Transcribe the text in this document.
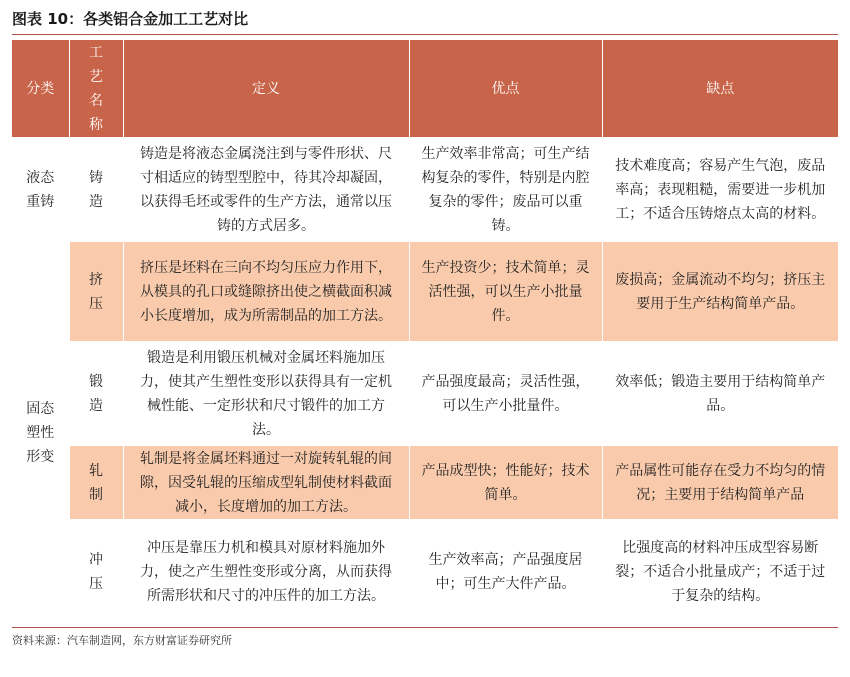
图表 10：各类铝合金加工工艺对比
分类	工
艺
名
称	定义	优点	缺点

液态
重铸	铸
造	铸造是将液态金属浇注到与零件形状、尺寸相适应的铸型型腔中，待其冷却凝固，以获得毛坯或零件的生产方法，通常以压铸的方式居多。	生产效率非常高；可生产结构复杂的零件，特别是内腔复杂的零件；废品可以重铸。	技术难度高；容易产生气泡，废品率高；表现粗糙，需要进一步机加工；不适合压铸熔点太高的材料。

固态
塑性
形变	挤
压	挤压是坯料在三向不均匀压应力作用下，从模具的孔口或缝隙挤出使之横截面积减小长度增加，成为所需制品的加工方法。	生产投资少；技术简单；灵活性强，可以生产小批量件。	废损高；金属流动不均匀；挤压主要用于生产结构简单产品。

	锻
造	锻造是利用锻压机械对金属坯料施加压力，使其产生塑性变形以获得具有一定机械性能、一定形状和尺寸锻件的加工方法。	产品强度最高；灵活性强，可以生产小批量件。	效率低；锻造主要用于结构简单产品。

	轧
制	轧制是将金属坯料通过一对旋转轧辊的间隙，因受轧辊的压缩成型轧制使材料截面减小，长度增加的加工方法。	产品成型快；性能好；技术简单。	产品属性可能存在受力不均匀的情况；主要用于结构简单产品

	冲
压	冲压是靠压力机和模具对原材料施加外力，使之产生塑性变形或分离，从而获得所需形状和尺寸的冲压件的加工方法。	生产效率高；产品强度居中；可生产大件产品。	比强度高的材料冲压成型容易断裂；不适合小批量成产；不适于过于复杂的结构。
资料来源：汽车制造网，东方财富证券研究所
